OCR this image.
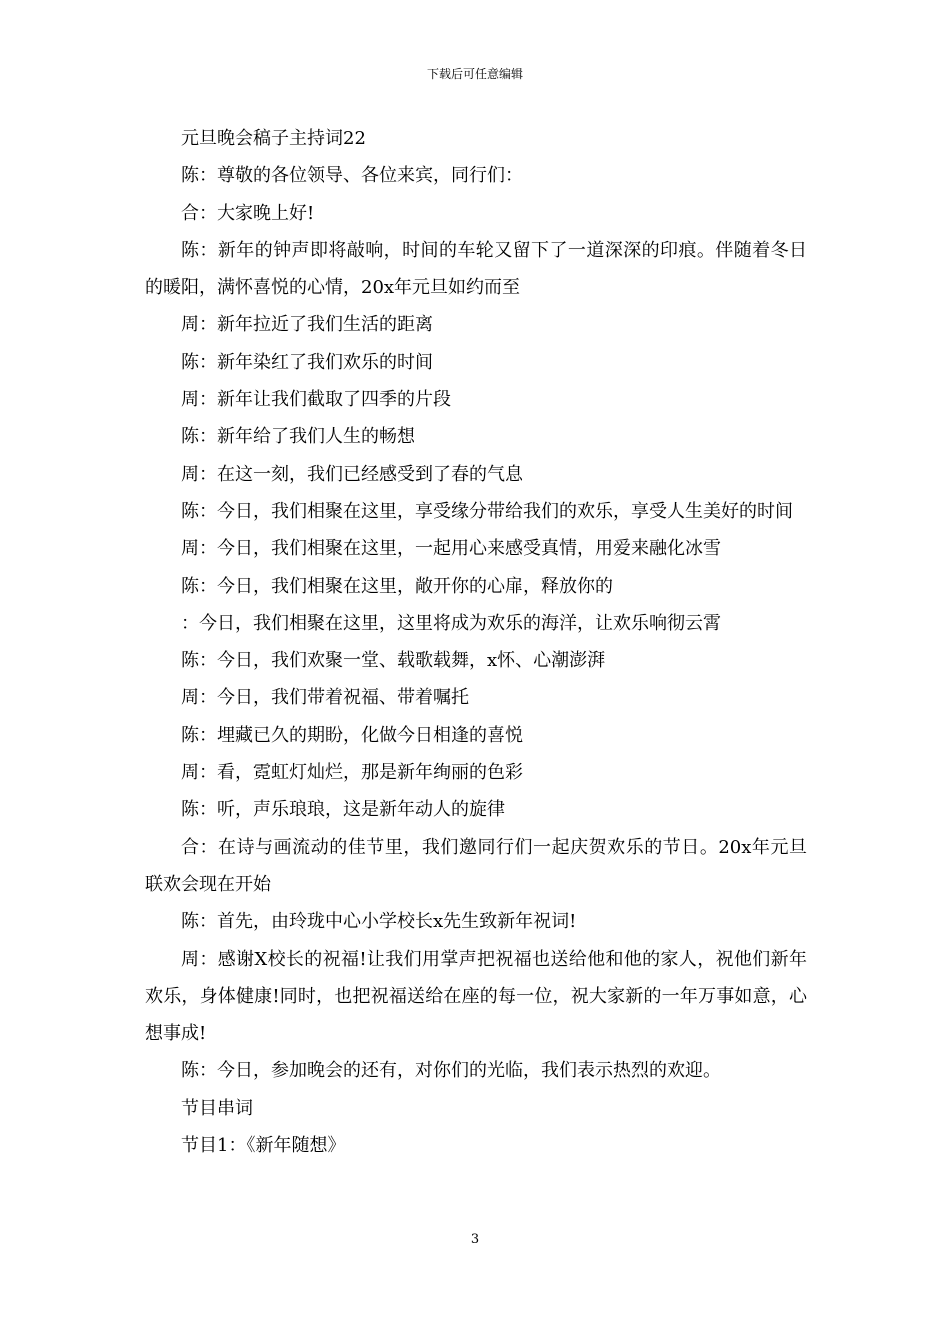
下载后可任意编辑

元旦晚会稿子主持词22

陈：尊敬的各位领导、各位来宾，同行们：

合：大家晚上好!

陈：新年的钟声即将敲响，时间的车轮又留下了一道深深的印痕。伴随着冬日的暖阳，满怀喜悦的心情，20x年元旦如约而至

周：新年拉近了我们生活的距离

陈：新年染红了我们欢乐的时间

周：新年让我们截取了四季的片段

陈：新年给了我们人生的畅想

周：在这一刻，我们已经感受到了春的气息

陈：今日，我们相聚在这里，享受缘分带给我们的欢乐，享受人生美好的时间

周：今日，我们相聚在这里，一起用心来感受真情，用爱来融化冰雪

陈：今日，我们相聚在这里，敞开你的心扉，释放你的

：今日，我们相聚在这里，这里将成为欢乐的海洋，让欢乐响彻云霄

陈：今日，我们欢聚一堂、载歌载舞，x怀、心潮澎湃

周：今日，我们带着祝福、带着嘱托

陈：埋藏已久的期盼，化做今日相逢的喜悦

周：看，霓虹灯灿烂，那是新年绚丽的色彩

陈：听，声乐琅琅，这是新年动人的旋律

合：在诗与画流动的佳节里，我们邀同行们一起庆贺欢乐的节日。20x年元旦联欢会现在开始

陈：首先，由玲珑中心小学校长x先生致新年祝词!

周：感谢X校长的祝福!让我们用掌声把祝福也送给他和他的家人，祝他们新年欢乐，身体健康!同时，也把祝福送给在座的每一位，祝大家新的一年万事如意，心想事成!

陈：今日，参加晚会的还有，对你们的光临，我们表示热烈的欢迎。

节目串词

节目1：《新年随想》

3
